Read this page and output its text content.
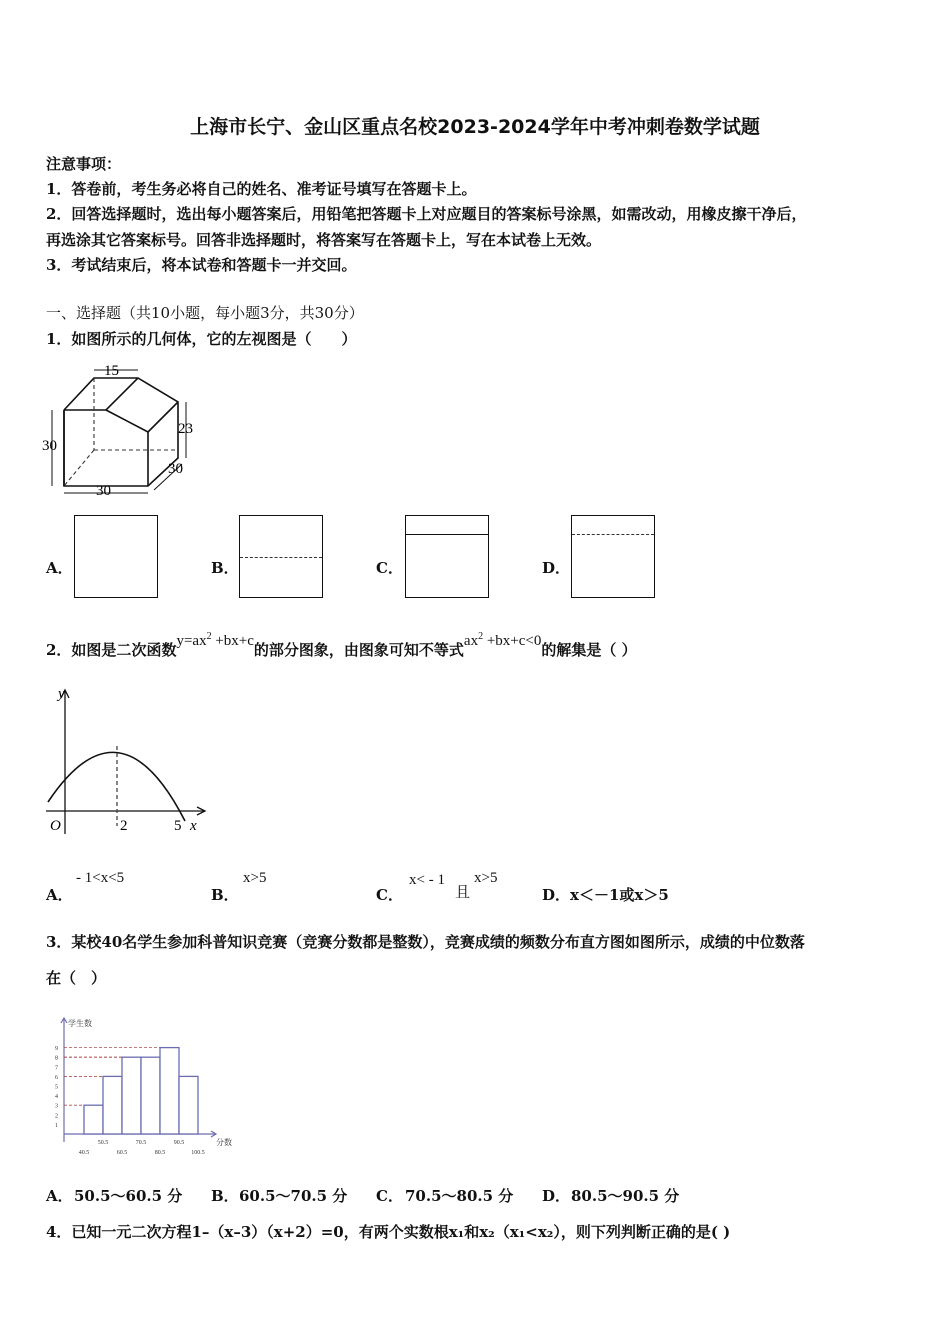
上海市长宁、金山区重点名校2023-2024学年中考冲刺卷数学试题
注意事项：
1．答卷前，考生务必将自己的姓名、准考证号填写在答题卡上。
2．回答选择题时，选出每小题答案后，用铅笔把答题卡上对应题目的答案标号涂黑，如需改动，用橡皮擦干净后，
再选涂其它答案标号。回答非选择题时，将答案写在答题卡上，写在本试卷上无效。
3．考试结束后，将本试卷和答题卡一并交回。
一、选择题（共10小题，每小题3分，共30分）
1．如图所示的几何体，它的左视图是（　　）
15
23
30
30
30
A．	B．	C．	D．
2．如图是二次函数$y=ax^2 +bx+c$的部分图象，由图象可知不等式$ax^2 +bx+c<0$的解集是（ ）
y
x
O	2	5
A．
- 1<x<5
B．
x>5
C．
x< - 1
且
x>5
D． x＜－1或x＞5
3．某校40名学生参加科普知识竞赛（竞赛分数都是整数），竞赛成绩的频数分布直方图如图所示，成绩的中位数落
在（　）
1
2
3
4
5
6
7
8
9
40.5
50.5
60.5
70.5
80.5
90.5
100.5
学生数
分数
A． 50.5～60.5 分 B． 60.5～70.5 分 C． 70.5～80.5 分 D． 80.5～90.5 分
4．已知一元二次方程1–（x–3）（x+2）=0，有两个实数根x₁和x₂（x₁<x₂），则下列判断正确的是( )
